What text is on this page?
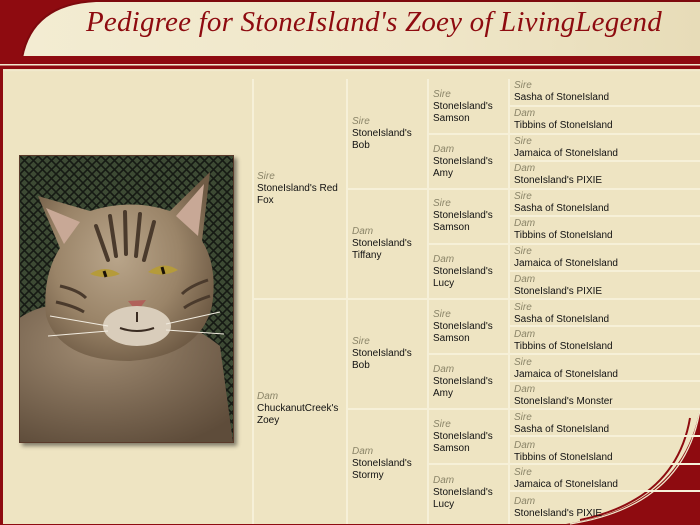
Pedigree for StoneIsland's Zoey of LivingLegend
Sire
StoneIsland's Red Fox
Dam
ChuckanutCreek's Zoey
Sire
StoneIsland's Bob
Dam
StoneIsland's Tiffany
Sire
StoneIsland's Bob
Dam
StoneIsland's Stormy
Sire
StoneIsland's Samson
Dam
StoneIsland's Amy
Sire
StoneIsland's Samson
Dam
StoneIsland's Lucy
Sire
StoneIsland's Samson
Dam
StoneIsland's Amy
Sire
StoneIsland's Samson
Dam
StoneIsland's Lucy
Sire
Sasha of StoneIsland
Dam
Tibbins of StoneIsland
Sire
Jamaica of StoneIsland
Dam
StoneIsland's PIXIE
Sire
Sasha of StoneIsland
Dam
Tibbins of StoneIsland
Sire
Jamaica of StoneIsland
Dam
StoneIsland's PIXIE
Sire
Sasha of StoneIsland
Dam
Tibbins of StoneIsland
Sire
Jamaica of StoneIsland
Dam
StoneIsland's Monster
Sire
Sasha of StoneIsland
Dam
Tibbins of StoneIsland
Sire
Jamaica of StoneIsland
Dam
StoneIsland's PIXIE
